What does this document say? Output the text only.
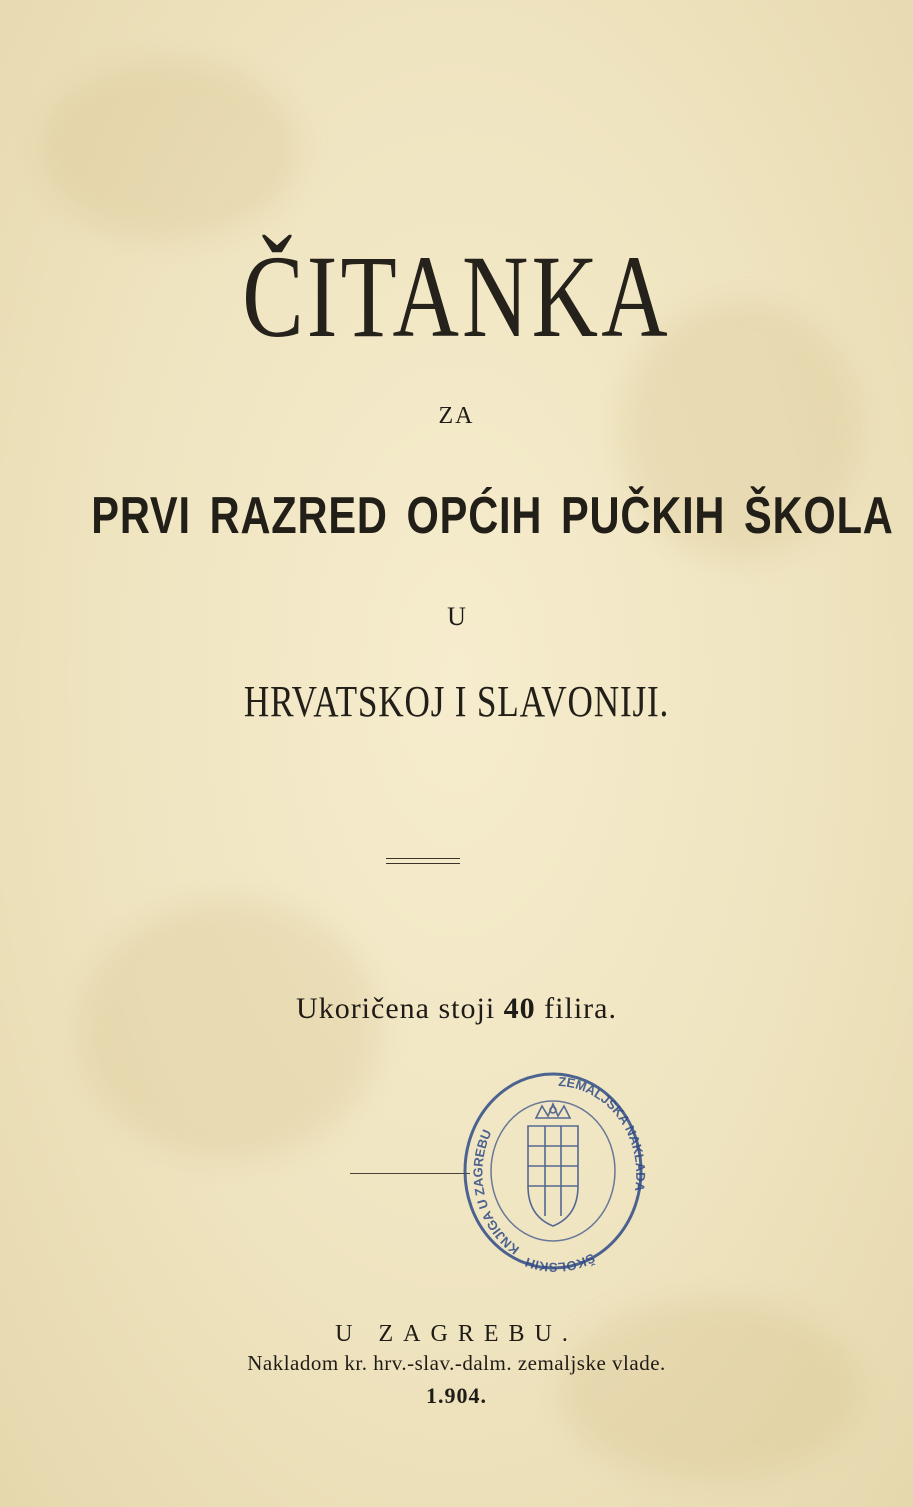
ČITANKA
ZA
PRVI RAZRED OPĆIH PUČKIH ŠKOLA
U
HRVATSKOJ I SLAVONIJI.
Ukoričena stoji 40 filira.
KNJIGA U ZAGREBU
ZEMALJSKA NAKLADA
ŠKOLSKIH
U ZAGREBU.
Nakladom kr. hrv.-slav.-dalm. zemaljske vlade.
1.904.
